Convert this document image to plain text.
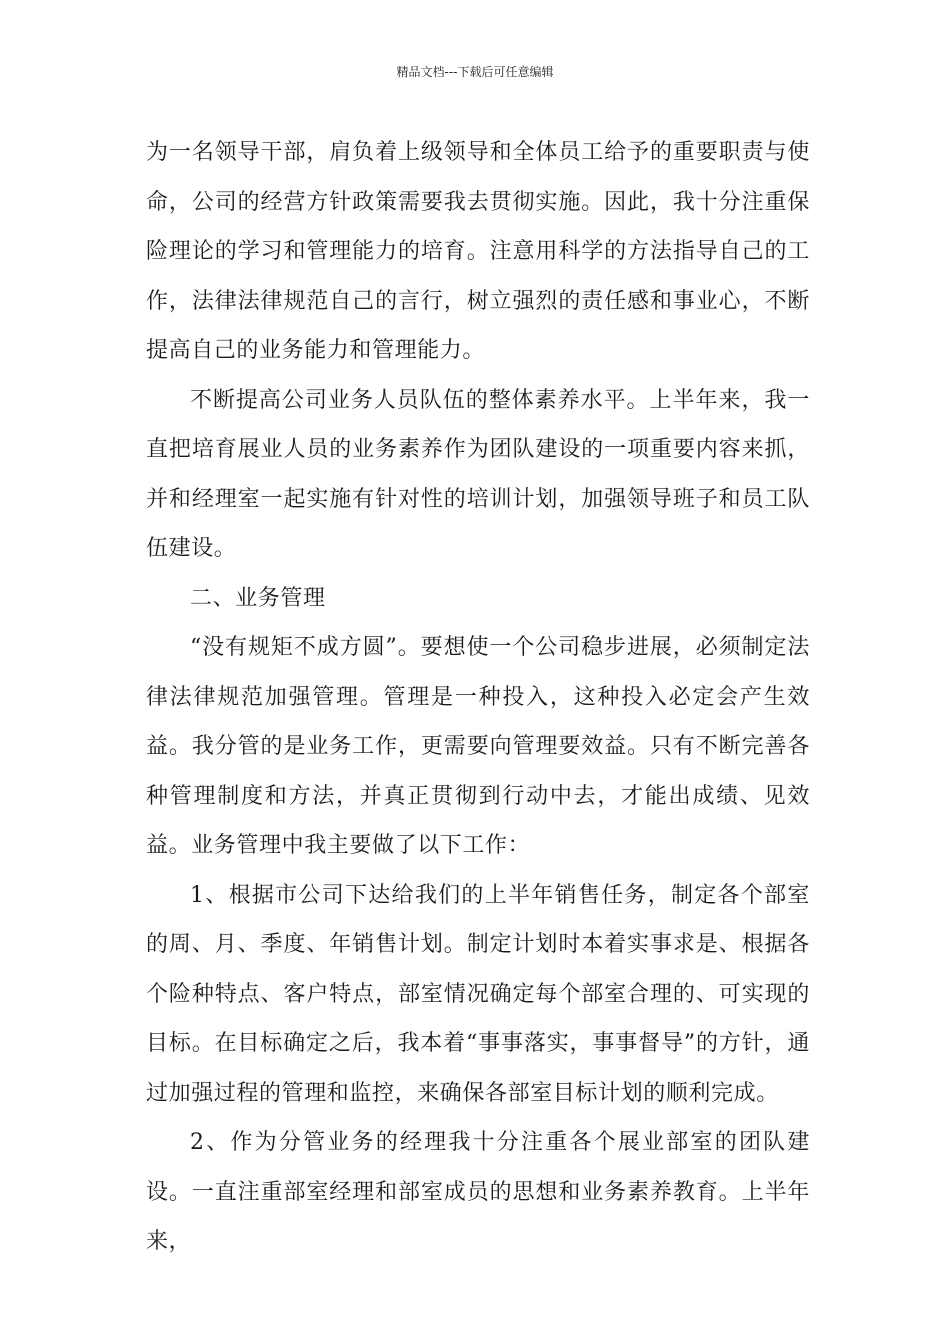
精品文档---下载后可任意编辑

为一名领导干部，肩负着上级领导和全体员工给予的重要职责与使命，公司的经营方针政策需要我去贯彻实施。因此，我十分注重保险理论的学习和管理能力的培育。注意用科学的方法指导自己的工作，法律法律规范自己的言行，树立强烈的责任感和事业心，不断提高自己的业务能力和管理能力。

不断提高公司业务人员队伍的整体素养水平。上半年来，我一直把培育展业人员的业务素养作为团队建设的一项重要内容来抓，并和经理室一起实施有针对性的培训计划，加强领导班子和员工队伍建设。

二、业务管理

“没有规矩不成方圆”。要想使一个公司稳步进展，必须制定法律法律规范加强管理。管理是一种投入，这种投入必定会产生效益。我分管的是业务工作，更需要向管理要效益。只有不断完善各种管理制度和方法，并真正贯彻到行动中去，才能出成绩、见效益。业务管理中我主要做了以下工作：

1、根据市公司下达给我们的上半年销售任务，制定各个部室的周、月、季度、年销售计划。制定计划时本着实事求是、根据各个险种特点、客户特点，部室情况确定每个部室合理的、可实现的目标。在目标确定之后，我本着“事事落实，事事督导”的方针，通过加强过程的管理和监控，来确保各部室目标计划的顺利完成。

2、作为分管业务的经理我十分注重各个展业部室的团队建设。一直注重部室经理和部室成员的思想和业务素养教育。上半年来，
